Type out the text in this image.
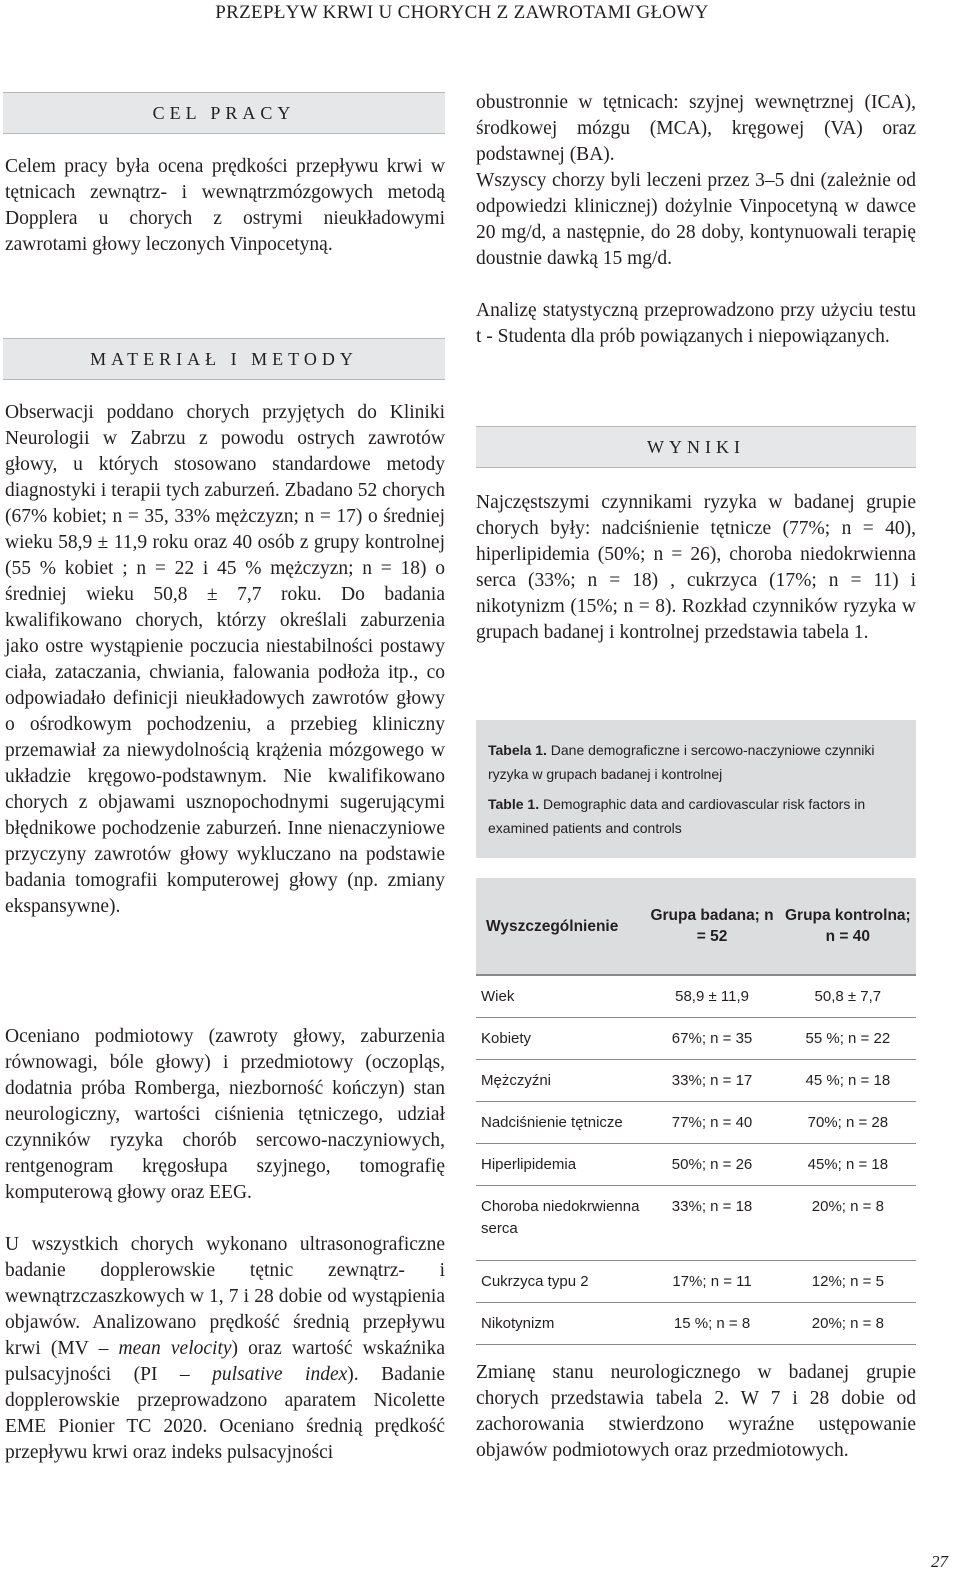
PRZEPŁYW KRWI U CHORYCH Z ZAWROTAMI GŁOWY
CEL PRACY

Celem pracy była ocena prędkości przepływu krwi w tętnicach zewnątrz- i wewnątrzmózgowych metodą Dopplera u chorych z ostrymi nieukładowymi zawrotami głowy leczonych Vinpocetyną.

MATERIAŁ I METODY

Obserwacji poddano chorych przyjętych do Kliniki Neurologii w Zabrzu z powodu ostrych zawrotów głowy, u których stosowano standardowe metody diagnostyki i terapii tych zaburzeń. Zbadano 52 chorych (67% kobiet; n = 35, 33% mężczyzn; n = 17) o średniej wieku 58,9 ± 11,9 roku oraz 40 osób z grupy kontrolnej (55 % kobiet ; n = 22 i 45 % mężczyzn; n = 18) o średniej wieku 50,8 ± 7,7 roku. Do badania kwalifikowano chorych, którzy określali zaburzenia jako ostre wystąpienie poczucia niestabilności postawy ciała, zataczania, chwiania, falowania podłoża itp., co odpowiadało definicji nieukładowych zawrotów głowy o ośrodkowym pochodzeniu, a przebieg kliniczny przemawiał za niewydolnością krążenia mózgowego w układzie kręgowo-podstawnym. Nie kwalifikowano chorych z objawami usznopochodnymi sugerującymi błędnikowe pochodzenie zaburzeń. Inne nienaczyniowe przyczyny zawrotów głowy wykluczano na podstawie badania tomografii komputerowej głowy (np. zmiany ekspansywne).

Oceniano podmiotowy (zawroty głowy, zaburzenia równowagi, bóle głowy) i przedmiotowy (oczopląs, dodatnia próba Romberga, niezborność kończyn) stan neurologiczny, wartości ciśnienia tętniczego, udział czynników ryzyka chorób sercowo-naczyniowych, rentgenogram kręgosłupa szyjnego, tomografię komputerową głowy oraz EEG.

U wszystkich chorych wykonano ultrasonograficzne badanie dopplerowskie tętnic zewnątrz- i wewnątrzczaszkowych w 1, 7 i 28 dobie od wystąpienia objawów. Analizowano prędkość średnią przepływu krwi (MV – mean velocity) oraz wartość wskaźnika pulsacyjności (PI – pulsative index). Badanie dopplerowskie przeprowadzono aparatem Nicolette EME Pionier TC 2020. Oceniano średnią prędkość przepływu krwi oraz indeks pulsacyjności

obustronnie w tętnicach: szyjnej wewnętrznej (ICA), środkowej mózgu (MCA), kręgowej (VA) oraz podstawnej (BA).

Wszyscy chorzy byli leczeni przez 3–5 dni (zależnie od odpowiedzi klinicznej) dożylnie Vinpocetyną w dawce 20 mg/d, a następnie, do 28 doby, kontynuowali terapię doustnie dawką 15 mg/d.

Analizę statystyczną przeprowadzono przy użyciu testu t - Studenta dla prób powiązanych i niepowiązanych.

WYNIKI

Najczęstszymi czynnikami ryzyka w badanej grupie chorych były: nadciśnienie tętnicze (77%; n = 40), hiperlipidemia (50%; n = 26), choroba niedokrwienna serca (33%; n = 18) , cukrzyca (17%; n = 11) i nikotynizm (15%; n = 8). Rozkład czynników ryzyka w grupach badanej i kontrolnej przedstawia tabela 1.

Tabela 1. Dane demograficzne i sercowo-naczyniowe czynniki ryzyka w grupach badanej i kontrolnej

Table 1. Demographic data and cardiovascular risk factors in examined patients and controls

Wyszczególnienie	Grupa badana; n = 52	Grupa kontrolna; n = 40
Wiek	58,9 ± 11,9	50,8 ± 7,7
Kobiety	67%; n = 35	55 %; n = 22
Mężczyźni	33%; n = 17	45 %; n = 18
Nadciśnienie tętnicze	77%; n = 40	70%; n = 28
Hiperlipidemia	50%; n = 26	45%; n = 18
Choroba niedokrwienna serca	33%; n = 18	20%; n = 8
Cukrzyca typu 2	17%; n = 11	12%; n = 5
Nikotynizm	15 %; n = 8	20%; n = 8

Zmianę stanu neurologicznego w badanej grupie chorych przedstawia tabela 2. W 7 i 28 dobie od zachorowania stwierdzono wyraźne ustępowanie objawów podmiotowych oraz przedmiotowych.

27
